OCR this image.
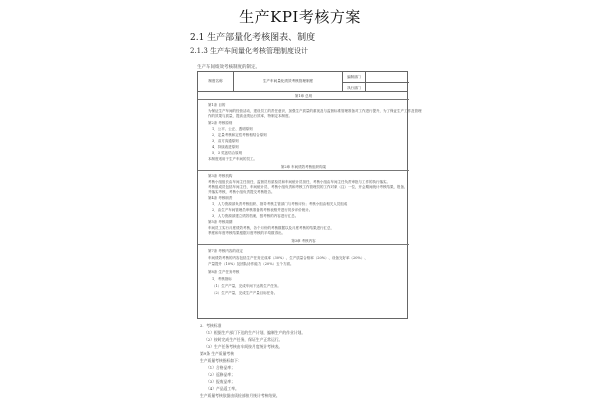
生产KPI考核方案
2.1 生产部量化考核图表、制度
2.1.3 生产车间量化考核管理制度设计
生产车间绩效考核制度的制定。
制度名称	生产车间量化绩效考核管理制度
编制部门
执行部门
第1章 总则
第1条 目的
为保证生产车间的经营活动，建设员工的责任意识，加强生产质量的重视及与监督标准管理准备对工作进行提升，为了保证生产工作及管理
作的效果与质量，提高业绩运行效率，特制定本制度。
第2条 考核原则
1．公平、公正、透明原则
2．定量考核和定性考核相结合原则
3．双方沟通原则
4．持续改进原则
5．3 奖惩结合原则
本制度适用于生产车间的员工。
第2章 车间绩效考核组织构架
第3条 考核机构
考核小组组长由车间主任担任，监督员有质检员和车间统计员担任，考核小组由车间主任负责审批与工作的执行落实。
考核组成员包括车间主任、车间统计员、考核小组负责和考核工作管理员的工作对象（注）一位，开会期间统计考核结果，报备、
并落实考核，考核小组负责提交考核报告。
第4条 考核职责
1．人力资源部负责考核组织、指导考核主管部门与考核评价；考核小组由相关人员组成
2．由生产车间管理员审核准备的考核表格并进行初步评价统计。
3．人力资源部建立绩效档案，按考核的内容进行汇总。
第5条 考核周期
车间员工实行月度绩效考核，各个月份的考核数据以及月度考核的结果进行汇总，
季度和年度考核结果根据月度考核的平均数得出。
第3章 考核内容
第7条 考核内容的设定
车间绩效考核的内容包括生产任务完成率（30%）、生产质量合格率（20%）、设备完好率（20%）、
产量提升（10%）及团队协作能力（20%）五个方面。
第8条 生产任务考核
1．考核指标
（1）生产产量，完成车间下达的生产任务。
（2）生产产量，完成生产产量目标任务。
2．考核标准
（1）根据生产部门下达的生产计划，编制生产的作业计划。
（2）按时完成生产任务，保证生产正常运行。
（3）生产任务考核由车间按月度统计考核表。
第9条 生产质量考核
生产质量考核指标如下：
（1）合格品率；
（2）返修品率；
（3）报废品率；
（4）产品返工率。
生产质量考核依据由质检部按月统计考核结果。
